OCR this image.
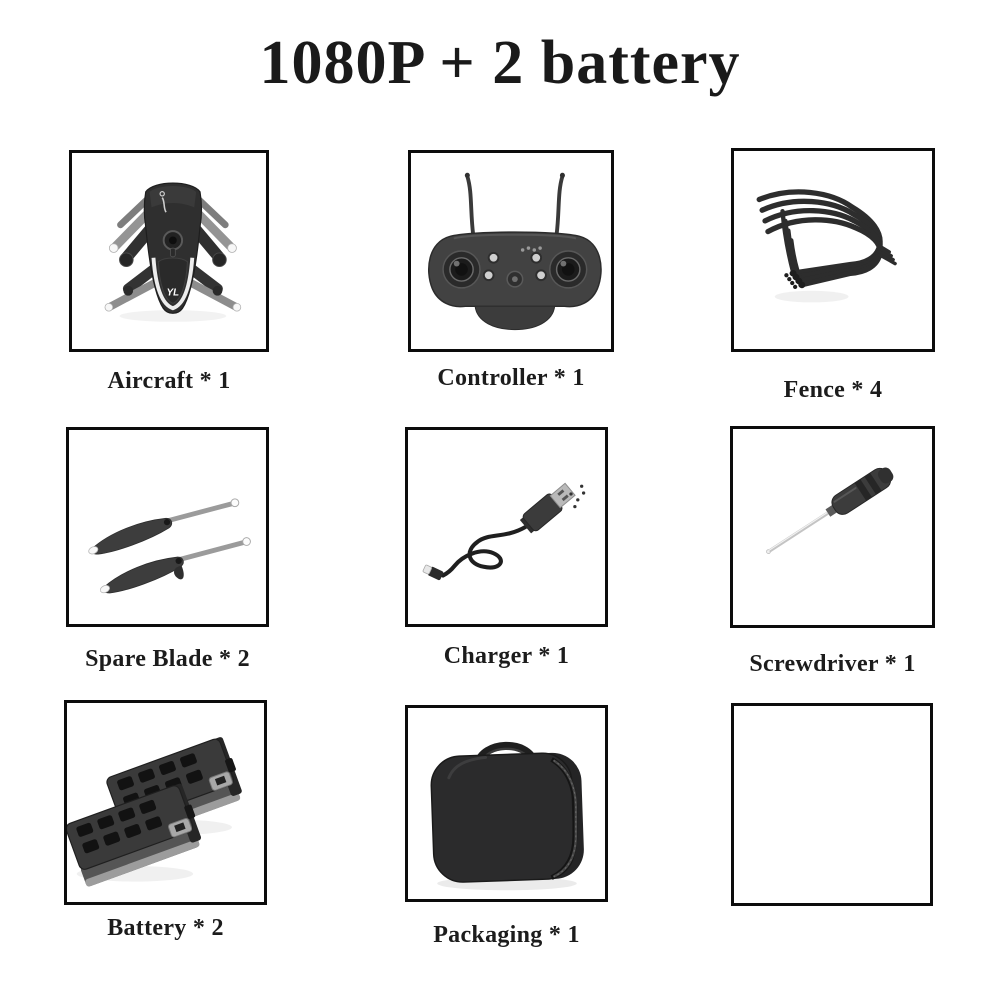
1080P + 2 battery
YL
Aircraft * 1	Controller * 1	Fence * 4
Spare Blade * 2	Charger * 1	Screwdriver * 1
Battery * 2	Packaging * 1
